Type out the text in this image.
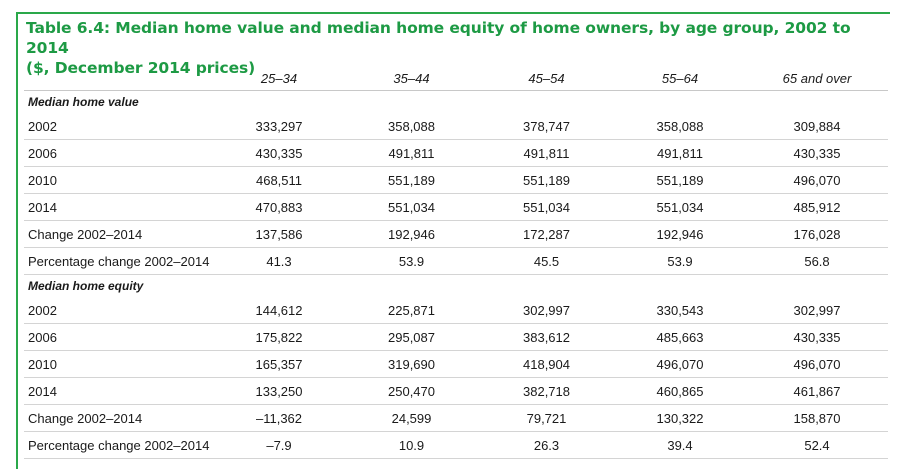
Table 6.4: Median home value and median home equity of home owners, by age group, 2002 to 2014
($, December 2014 prices)
	25–34	35–44	45–54	55–64	65 and over
Median home value					
2002	333,297	358,088	378,747	358,088	309,884
2006	430,335	491,811	491,811	491,811	430,335
2010	468,511	551,189	551,189	551,189	496,070
2014	470,883	551,034	551,034	551,034	485,912
Change 2002–2014	137,586	192,946	172,287	192,946	176,028
Percentage change 2002–2014	41.3	53.9	45.5	53.9	56.8
Median home equity					
2002	144,612	225,871	302,997	330,543	302,997
2006	175,822	295,087	383,612	485,663	430,335
2010	165,357	319,690	418,904	496,070	496,070
2014	133,250	250,470	382,718	460,865	461,867
Change 2002–2014	–11,362	24,599	79,721	130,322	158,870
Percentage change 2002–2014	–7.9	10.9	26.3	39.4	52.4
